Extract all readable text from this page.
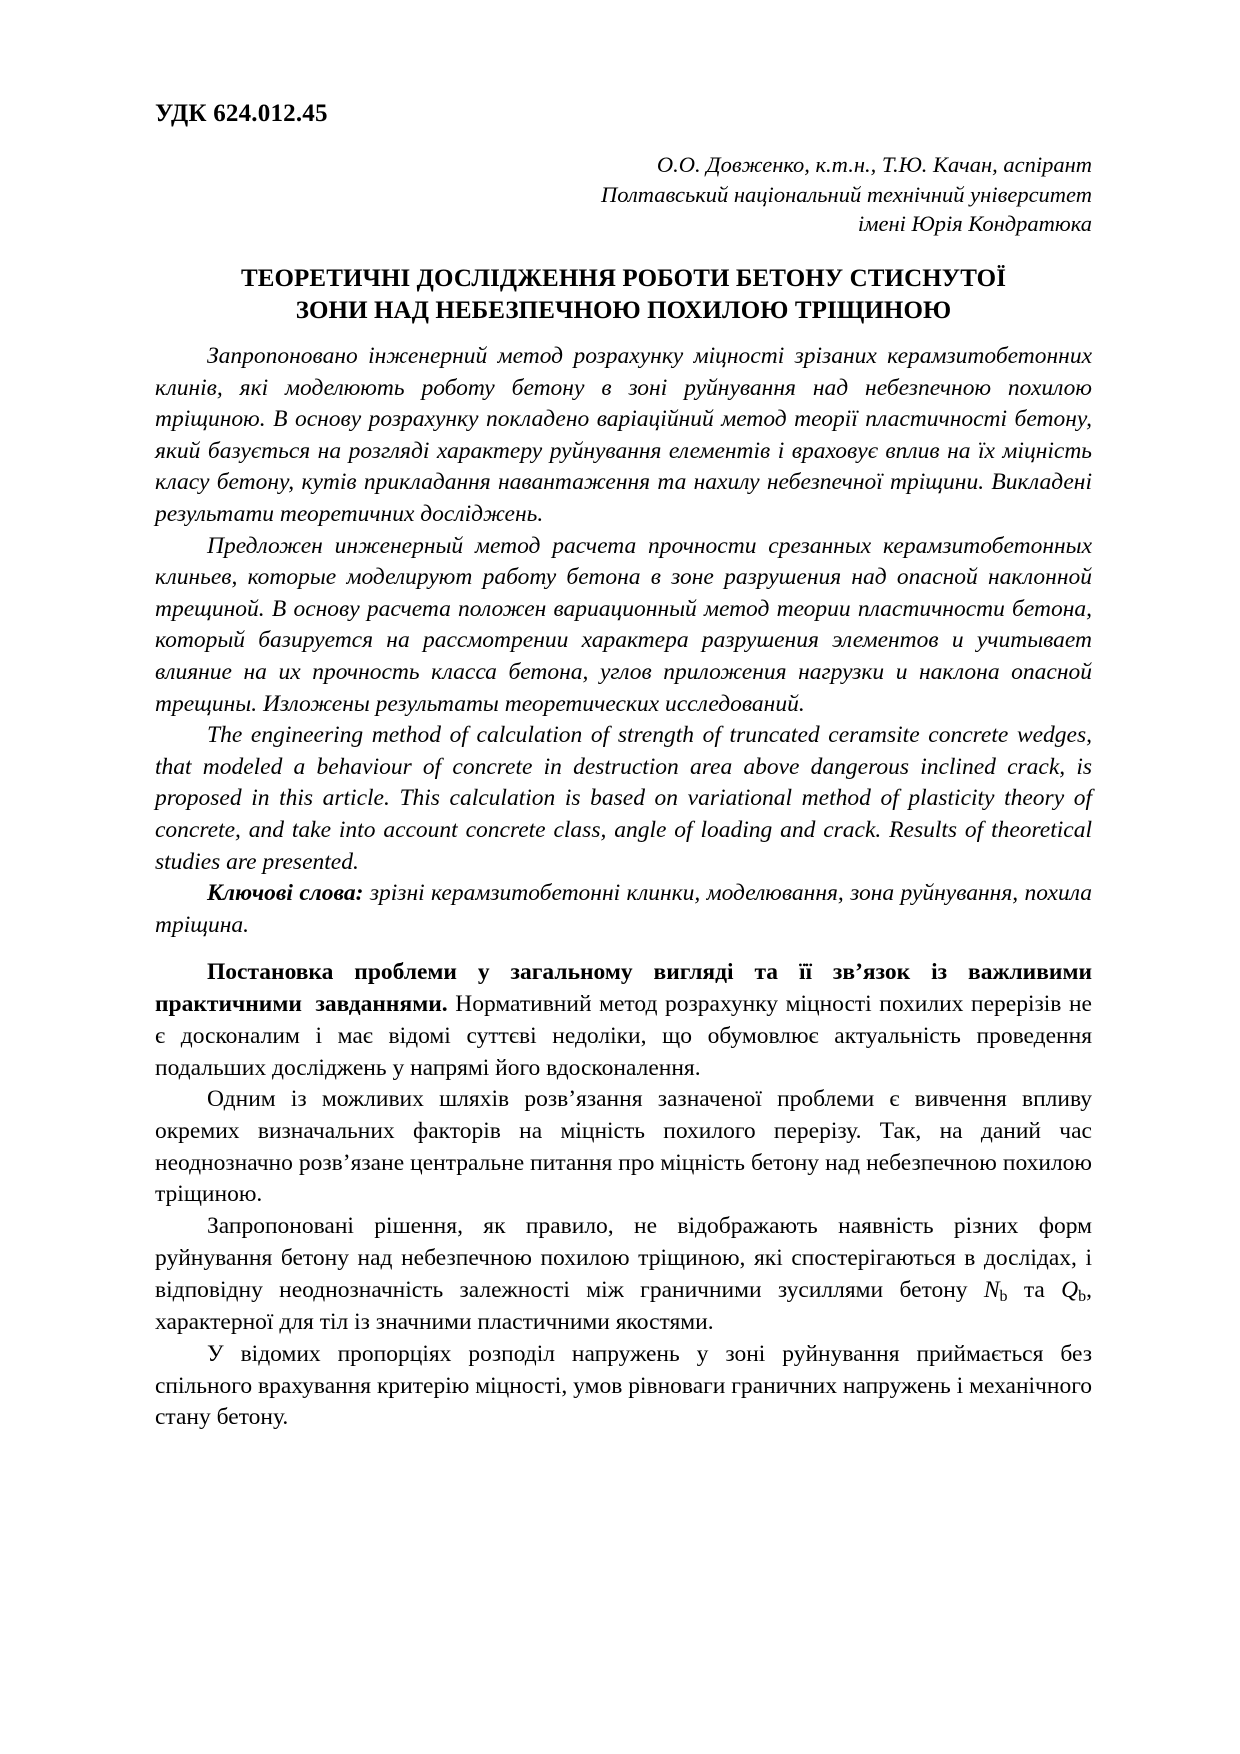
УДК 624.012.45
О.О. Довженко, к.т.н., Т.Ю. Качан, аспірант
Полтавський національний технічний університет
імені Юрія Кондратюка
ТЕОРЕТИЧНІ ДОСЛІДЖЕННЯ РОБОТИ БЕТОНУ СТИСНУТОЇ
ЗОНИ НАД НЕБЕЗПЕЧНОЮ ПОХИЛОЮ ТРІЩИНОЮ

Запропоновано інженерний метод розрахунку міцності зрізаних керамзитобетонних клинів, які моделюють роботу бетону в зоні руйнування над небезпечною похилою тріщиною. В основу розрахунку покладено варіаційний метод теорії пластичності бетону, який базується на розгляді характеру руйнування елементів і враховує вплив на їх міцність класу бетону, кутів прикладання навантаження та нахилу небезпечної тріщини. Викладені результати теоретичних досліджень.

Предложен инженерный метод расчета прочности срезанных керамзитобетонных клиньев, которые моделируют работу бетона в зоне разрушения над опасной наклонной трещиной. В основу расчета положен вариационный метод теории пластичности бетона, который базируется на рассмотрении характера разрушения элементов и учитывает влияние на их прочность класса бетона, углов приложения нагрузки и наклона опасной трещины. Изложены результаты теоретических исследований.

The engineering method of calculation of strength of truncated ceramsite concrete wedges, that modeled a behaviour of concrete in destruction area above dangerous inclined crack, is proposed in this article. This calculation is based on variational method of plasticity theory of concrete, and take into account concrete class, angle of loading and crack. Results of theoretical studies are presented.

Ключові слова: зрізні керамзитобетонні клинки, моделювання, зона руйнування, похила тріщина.

Постановка проблеми у загальному вигляді та її зв’язок із важливими практичними завданнями. Нормативний метод розрахунку міцності похилих перерізів не є досконалим і має відомі суттєві недоліки, що обумовлює актуальність проведення подальших досліджень у напрямі його вдосконалення.

Одним із можливих шляхів розв’язання зазначеної проблеми є вивчення впливу окремих визначальних факторів на міцність похилого перерізу. Так, на даний час неоднозначно розв’язане центральне питання про міцність бетону над небезпечною похилою тріщиною.

Запропоновані рішення, як правило, не відображають наявність різних форм руйнування бетону над небезпечною похилою тріщиною, які спостерігаються в дослідах, і відповідну неоднозначність залежності між граничними зусиллями бетону $N_b$ та $Q_b$, характерної для тіл із значними пластичними якостями.

У відомих пропорціях розподіл напружень у зоні руйнування приймається без спільного врахування критерію міцності, умов рівноваги граничних напружень і механічного стану бетону.
